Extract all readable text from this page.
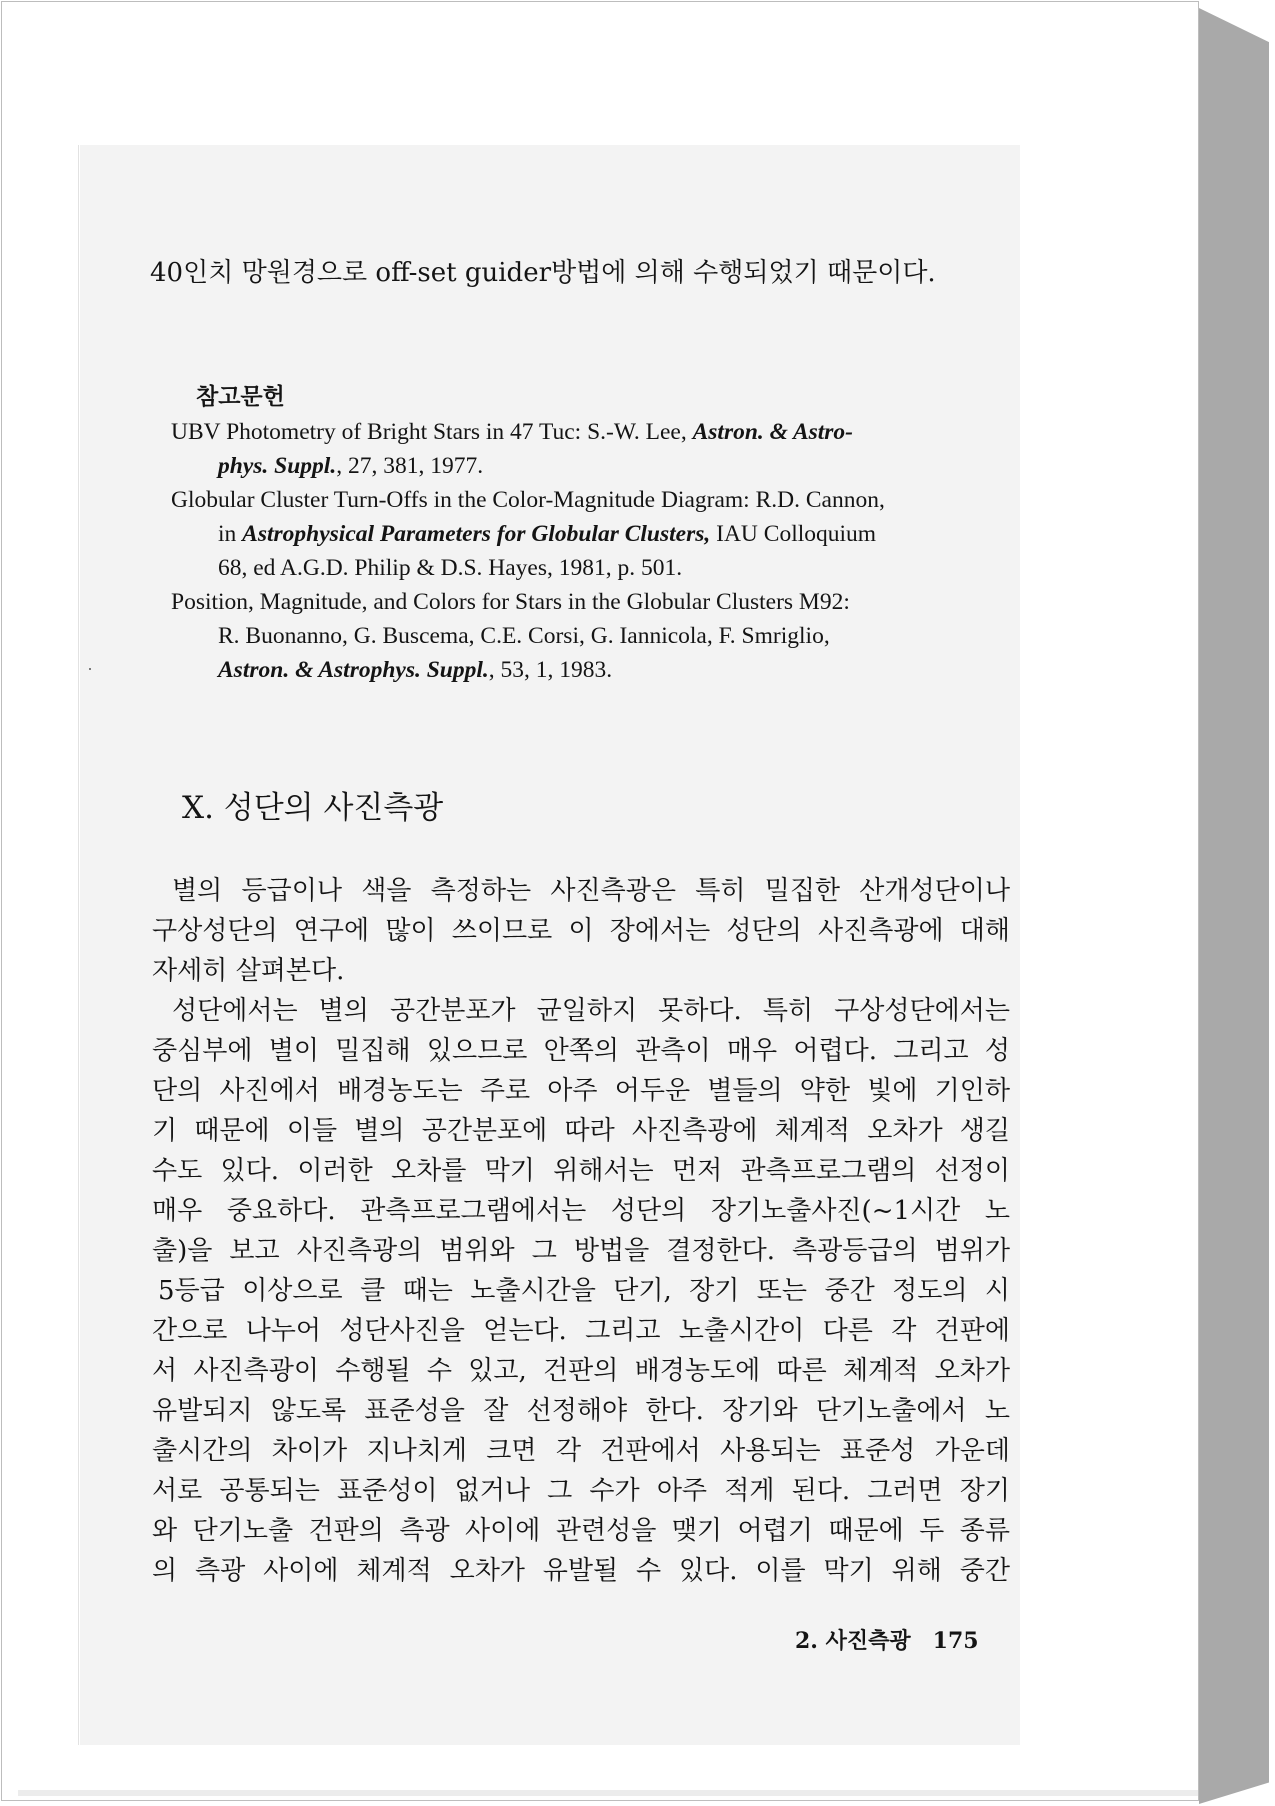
40인치 망원경으로 off-set guider방법에 의해 수행되었기 때문이다.
참고문헌
UBV Photometry of Bright Stars in 47 Tuc: S.-W. Lee, Astron. & Astro-
phys. Suppl., 27, 381, 1977.
Globular Cluster Turn-Offs in the Color-Magnitude Diagram: R.D. Cannon,
in Astrophysical Parameters for Globular Clusters, IAU Colloquium
68, ed A.G.D. Philip & D.S. Hayes, 1981, p. 501.
Position, Magnitude, and Colors for Stars in the Globular Clusters M92:
R. Buonanno, G. Buscema, C.E. Corsi, G. Iannicola, F. Smriglio,
Astron. & Astrophys. Suppl., 53, 1, 1983.
X. 성단의 사진측광
별의 등급이나 색을 측정하는 사진측광은 특히 밀집한 산개성단이나
구상성단의 연구에 많이 쓰이므로 이 장에서는 성단의 사진측광에 대해
자세히 살펴본다.
성단에서는 별의 공간분포가 균일하지 못하다. 특히 구상성단에서는
중심부에 별이 밀집해 있으므로 안쪽의 관측이 매우 어렵다. 그리고 성
단의 사진에서 배경농도는 주로 아주 어두운 별들의 약한 빛에 기인하
기 때문에 이들 별의 공간분포에 따라 사진측광에 체계적 오차가 생길
수도 있다. 이러한 오차를 막기 위해서는 먼저 관측프로그램의 선정이
매우 중요하다. 관측프로그램에서는 성단의 장기노출사진(~1시간 노
출)을 보고 사진측광의 범위와 그 방법을 결정한다. 측광등급의 범위가
5등급 이상으로 클 때는 노출시간을 단기, 장기 또는 중간 정도의 시
간으로 나누어 성단사진을 얻는다. 그리고 노출시간이 다른 각 건판에
서 사진측광이 수행될 수 있고, 건판의 배경농도에 따른 체계적 오차가
유발되지 않도록 표준성을 잘 선정해야 한다. 장기와 단기노출에서 노
출시간의 차이가 지나치게 크면 각 건판에서 사용되는 표준성 가운데
서로 공통되는 표준성이 없거나 그 수가 아주 적게 된다. 그러면 장기
와 단기노출 건판의 측광 사이에 관련성을 맺기 어렵기 때문에 두 종류
의 측광 사이에 체계적 오차가 유발될 수 있다. 이를 막기 위해 중간
2. 사진측광 175
